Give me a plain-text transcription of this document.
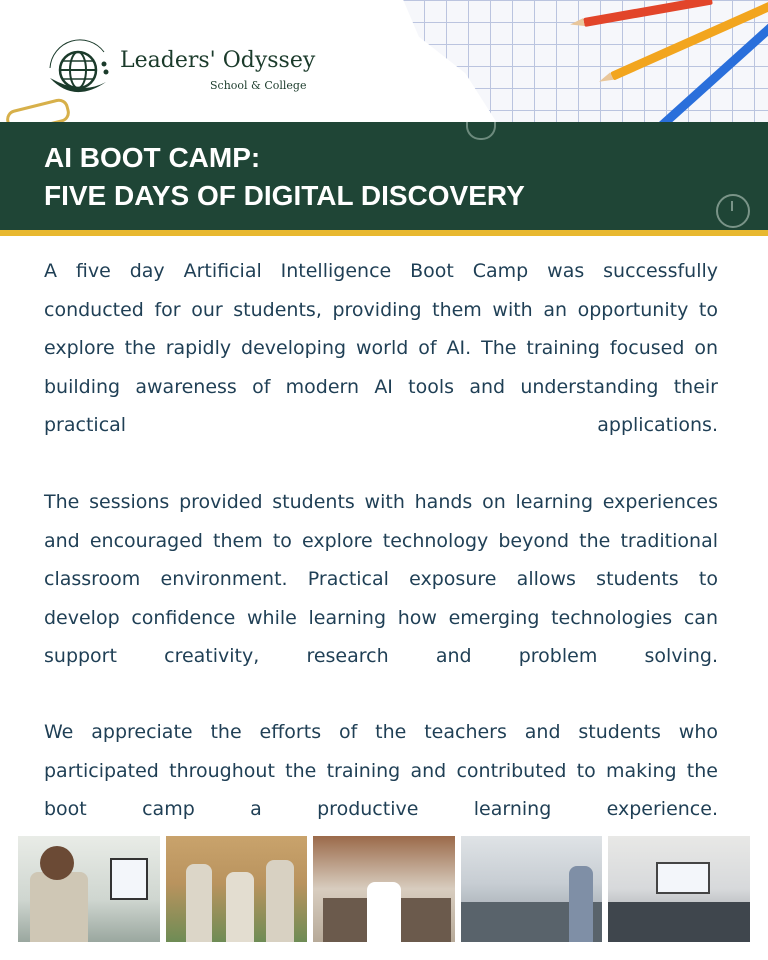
Leaders' Odyssey
School & College
AI BOOT CAMP:
FIVE DAYS OF DIGITAL DISCOVERY

A five day Artificial Intelligence Boot Camp was successfully conducted for our students, providing them with an opportunity to explore the rapidly developing world of AI. The training focused on building awareness of modern AI tools and understanding their practical applications.

The sessions provided students with hands on learning experiences and encouraged them to explore technology beyond the traditional classroom environment. Practical exposure allows students to develop confidence while learning how emerging technologies can support creativity, research and problem solving.

We appreciate the efforts of the teachers and students who participated throughout the training and contributed to making the boot camp a productive learning experience.
